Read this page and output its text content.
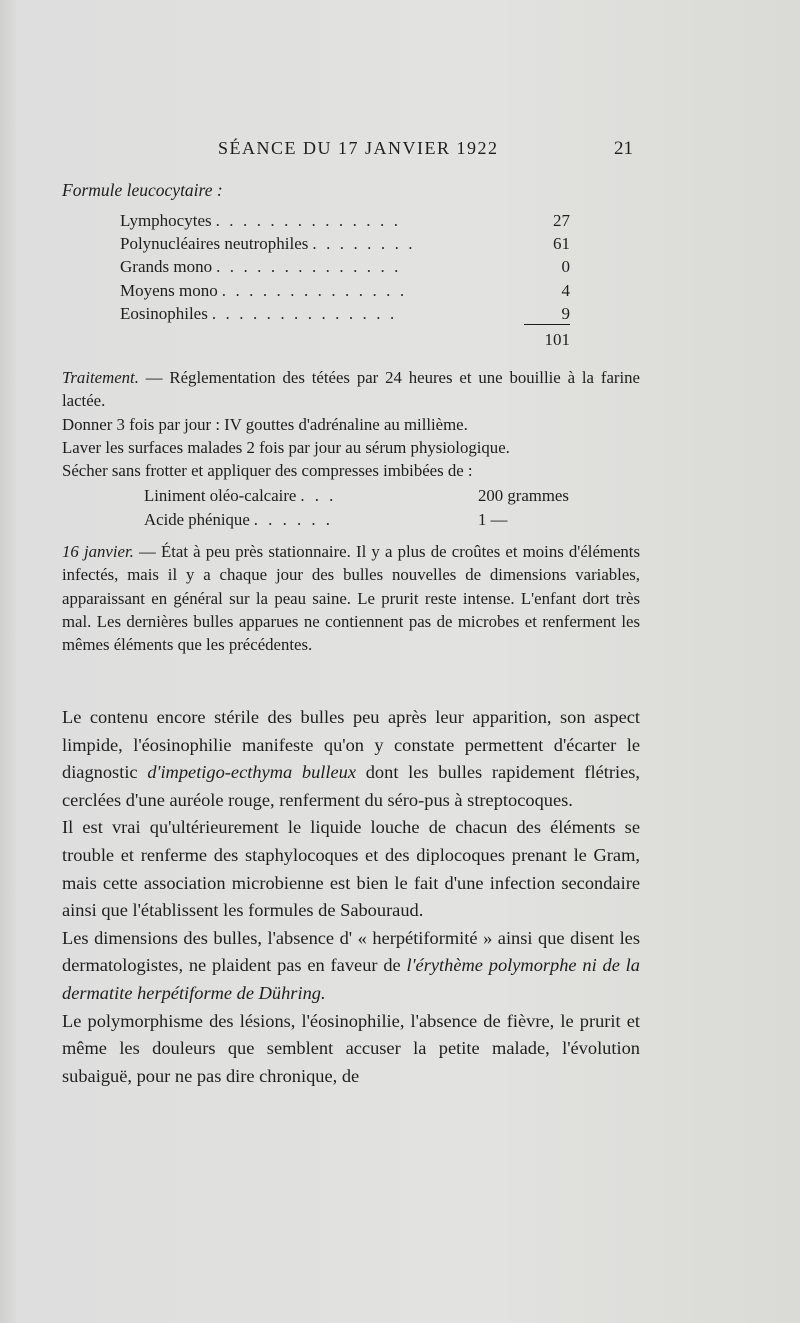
SÉANCE DU 17 JANVIER 1922	21
Formule leucocytaire :
Lymphocytes . . . . . . . . . . . . . .	27
Polynucléaires neutrophiles . . . . . . . .	61
Grands mono . . . . . . . . . . . . . .	0
Moyens mono . . . . . . . . . . . . . .	4
Eosinophiles . . . . . . . . . . . . . .	9
101

Traitement. — Réglementation des tétées par 24 heures et une bouillie à la farine lactée.

Donner 3 fois par jour : IV gouttes d'adrénaline au millième.

Laver les surfaces malades 2 fois par jour au sérum physiologique.

Sécher sans frotter et appliquer des compresses imbibées de :

Liniment oléo-calcaire . . .	200 grammes
Acide phénique . . . . . .	1 —

16 janvier. — État à peu près stationnaire. Il y a plus de croûtes et moins d'éléments infectés, mais il y a chaque jour des bulles nouvelles de dimensions variables, apparaissant en général sur la peau saine. Le prurit reste intense. L'enfant dort très mal. Les dernières bulles apparues ne contiennent pas de microbes et renferment les mêmes éléments que les précédentes.

Le contenu encore stérile des bulles peu après leur apparition, son aspect limpide, l'éosinophilie manifeste qu'on y constate permettent d'écarter le diagnostic d'impetigo-ecthyma bulleux dont les bulles rapidement flétries, cerclées d'une auréole rouge, renferment du séro-pus à streptocoques.

Il est vrai qu'ultérieurement le liquide louche de chacun des éléments se trouble et renferme des staphylocoques et des diplocoques prenant le Gram, mais cette association microbienne est bien le fait d'une infection secondaire ainsi que l'établissent les formules de Sabouraud.

Les dimensions des bulles, l'absence d' « herpétiformité » ainsi que disent les dermatologistes, ne plaident pas en faveur de l'érythème polymorphe ni de la dermatite herpétiforme de Dühring.

Le polymorphisme des lésions, l'éosinophilie, l'absence de fièvre, le prurit et même les douleurs que semblent accuser la petite malade, l'évolution subaiguë, pour ne pas dire chronique, de
